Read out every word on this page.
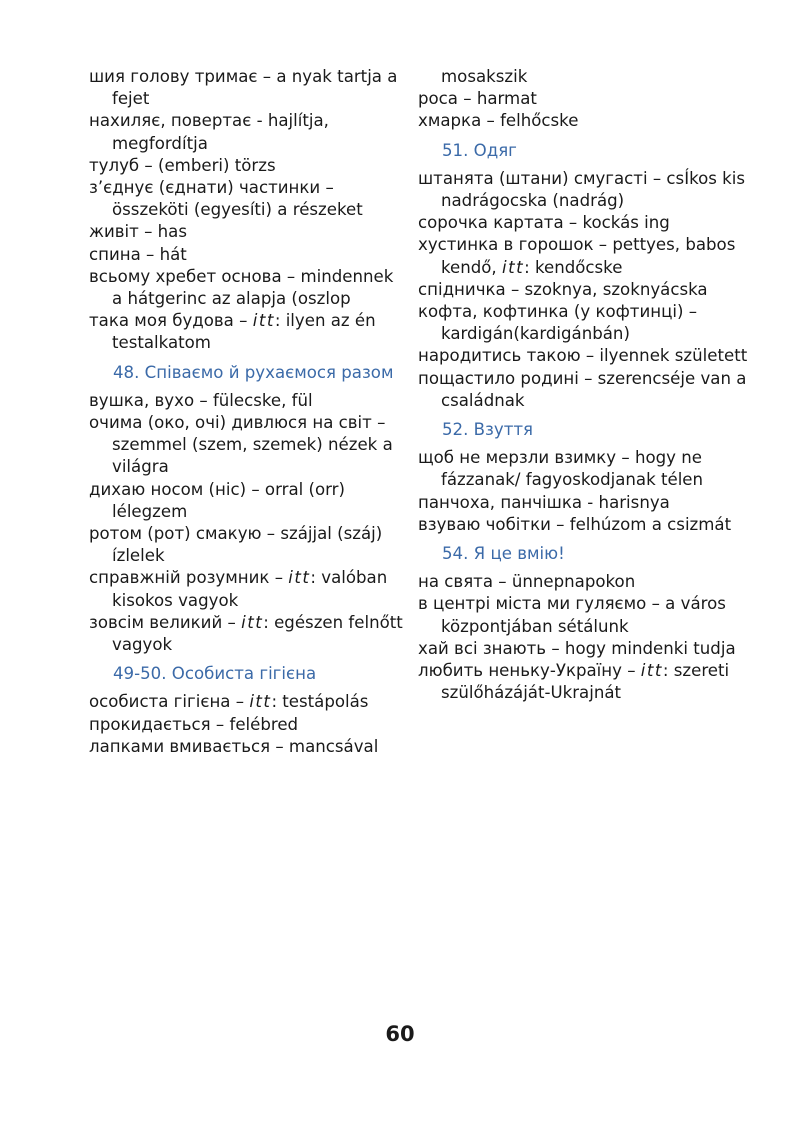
шия голову тримає – a nyak tartja a fejet
нахиляє, повертає - hajlítja, megfordítja
тулуб – (emberi) törzs
з’єднує (єднати) частинки – összeköti (egyesíti) a részeket
живіт – has
спина – hát
всьому хребет основа – mindennek a hátgerinc az alapja (oszlop
така моя будова – itt: ilyen az én testalkatom
48. Співаємо й рухаємося разом
вушка, вухо – fülecske, fül
очима (око, очі) дивлюся на світ – szemmel (szem, szemek) nézek a világra
дихаю носом (ніс) – orral (orr) lélegzem
ротом (рот) смакую – szájjal (száj) ízlelek
справжній розумник – itt: valóban kisokos vagyok
зовсім великий – itt: egészen felnőtt vagyok
49-50. Особиста гігієна
особиста гігієна – itt: testápolás
прокидається – felébred
лапками вмивається – mancsával
mosakszik
роса – harmat
хмарка – felhőcske
51. Одяг
штанята (штани) смугасті – csÍkos kis nadrágocska (nadrág)
сорочка картата – kockás ing
хустинка в горошок – pettyes, babos kendő, itt: kendőcske
спідничка – szoknya, szoknyácska
кофта, кофтинка (у кофтинці) – kardigán(kardigánbán)
народитись такою – ilyennek született
пощастило родині – szerencséje van a családnak
52. Взуття
щоб не мерзли взимку – hogy ne fázzanak/ fagyoskodjanak télen
панчоха, панчішка - harisnya
взуваю чобітки – felhúzom a csizmát
54. Я це вмію!
на свята – ünnepnapokon
в центрі міста ми гуляємо – a város központjában sétálunk
хай всі знають – hogy mindenki tudja
любить неньку-Україну – itt: szereti szülőházáját-Ukrajnát
60
